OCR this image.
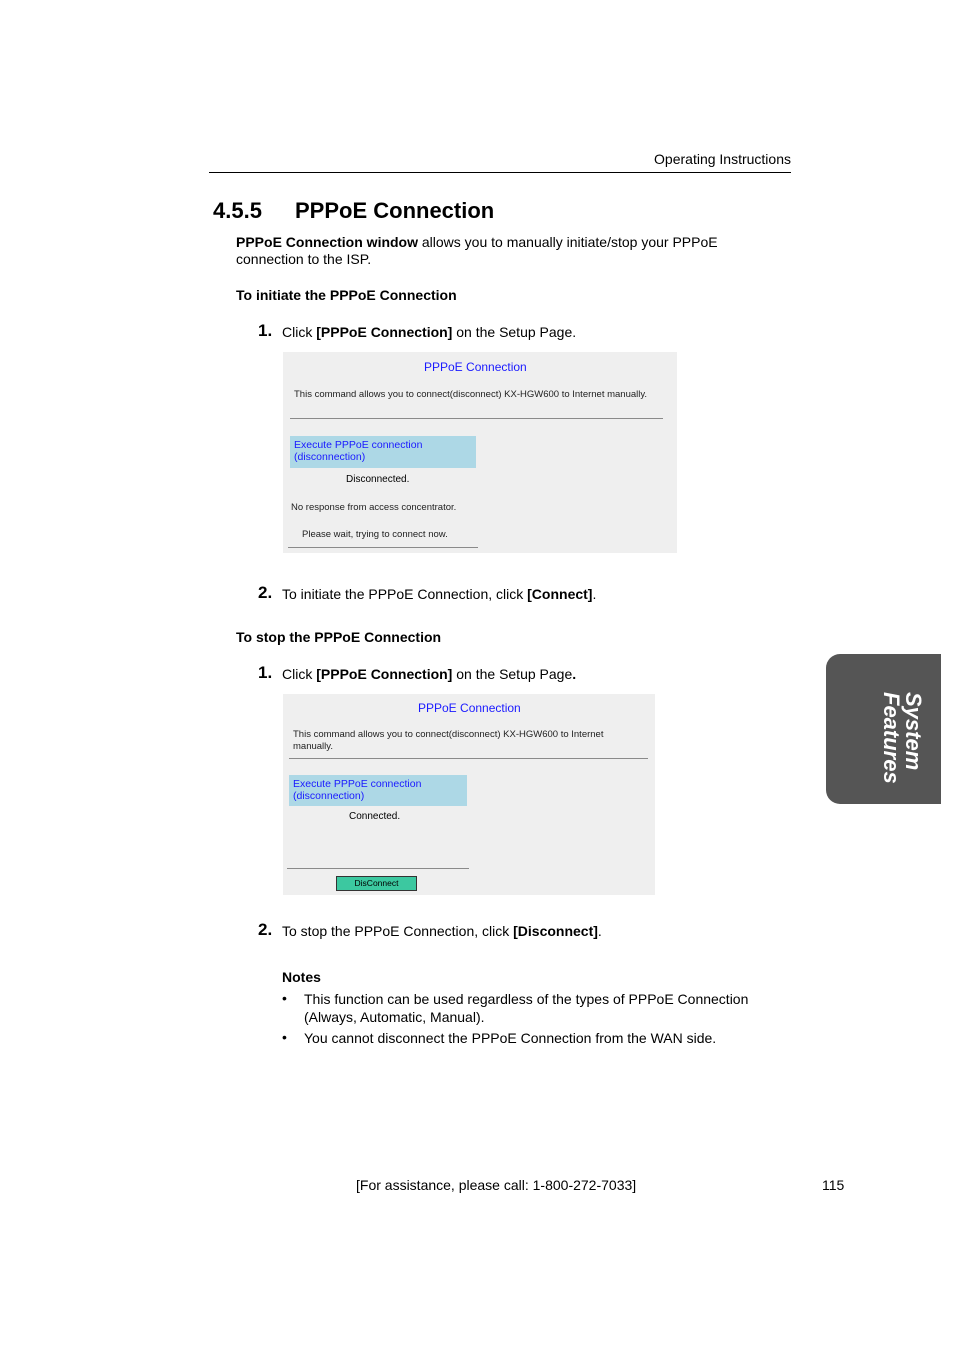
Operating Instructions
4.5.5 PPPoE Connection
PPPoE Connection window allows you to manually initiate/stop your PPPoE connection to the ISP.
To initiate the PPPoE Connection
1. Click [PPPoE Connection] on the Setup Page.
PPPoE Connection
This command allows you to connect(disconnect) KX-HGW600 to Internet manually.
Execute PPPoE connection (disconnection)
Disconnected.
No response from access concentrator.
Please wait, trying to connect now.
2. To initiate the PPPoE Connection, click [Connect].
To stop the PPPoE Connection
1. Click [PPPoE Connection] on the Setup Page.
PPPoE Connection
This command allows you to connect(disconnect) KX-HGW600 to Internet manually.
Execute PPPoE connection (disconnection)
Connected.
DisConnect
2. To stop the PPPoE Connection, click [Disconnect].
Notes
• This function can be used regardless of the types of PPPoE Connection (Always, Automatic, Manual).
• You cannot disconnect the PPPoE Connection from the WAN side.
System
Features
[For assistance, please call: 1-800-272-7033]	115
